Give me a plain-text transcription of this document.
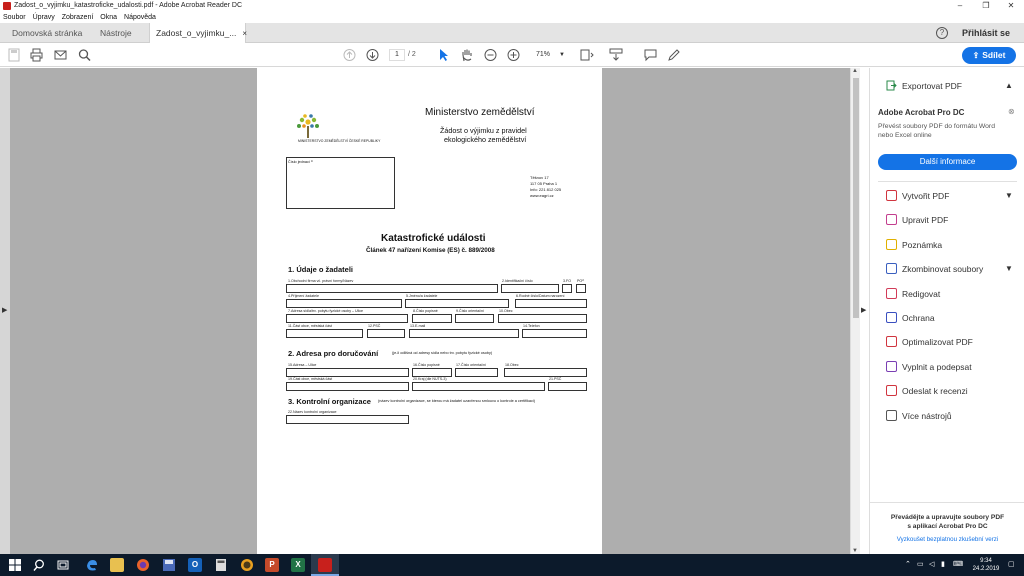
Zadost_o_vyjimku_katastroficke_udalosti.pdf - Adobe Acrobat Reader DC	–	❐	✕
Soubor Úpravy Zobrazení Okna Nápověda
Domovská stránka Nástroje	Zadost_o_vyjimku_... ×	?	Přihlásit se
1	/ 2	71% ▼	⇪ Sdílet
▶
▲
▼
▶
MINISTERSTVO ZEMĚDĚLSTVÍ ČESKÉ REPUBLIKY
Ministerstvo zemědělství
Žádost o výjimku z pravidel
ekologického zemědělství
Číslo jednací ¹⁾
Těšnov 17
117 05 Praha 1
Info: 221 812 025
www.eagri.cz
Katastrofické události
Článek 47 nařízení Komise (ES) č. 889/2008
1. Údaje o žadateli
1.Obchodní firma vč. právní formy/Název	2.Identifikační číslo	3.FO PO²⁾
4.Příjmení žadatele	5.Jméno/a žadatele	6.Rodné číslo/Datum narození
7.Adresa sídla/trv. pobytu fyzické osoby – Ulice	8.Číslo popisné	9.Číslo orientační	10.Obec
11.Část obce, městská část	12.PSČ	13.E-mail	14.Telefon
2. Adresa pro doručování	(je-li odlišná od adresy sídla nebo trv. pobytu fyzické osoby)
15.Adresa – Ulice	16.Číslo popisné	17.Číslo orientační	18.Obec
19.Část obce, městská část	20.Kraj (dle NUTS-3)	21.PSČ
3. Kontrolní organizace (název kontrolní organizace, se kterou má žadatel uzavřenou smlouvu o kontrole a certifikaci)
22.Název kontrolní organizace
Exportovat PDF	▲
Adobe Acrobat Pro DC	⊗
Převést soubory PDF do formátu Word
nebo Excel online
Další informace
Vytvořit PDF	▼
Upravit PDF
Poznámka
Zkombinovat soubory	▼
Redigovat
Ochrana
Optimalizovat PDF
Vyplnit a podepsat
Odeslat k recenzi
Více nástrojů
Převádějte a upravujte soubory PDF
s aplikací Acrobat Pro DC
Vyzkoušet bezplatnou zkušební verzi
O	P	X	⌃ ▭ ◁ ▮ ⌨	9:34
24.2.2019
▢
